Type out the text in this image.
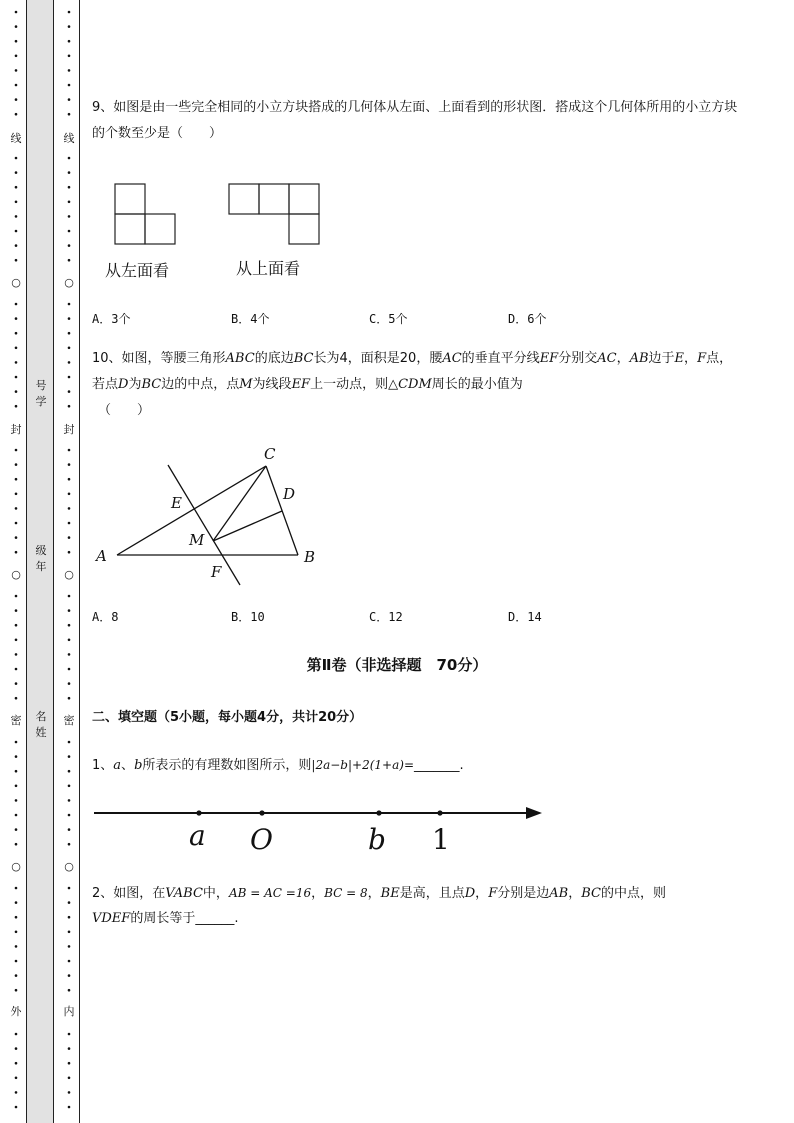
线
○
封
○
密
○
外
线
○
封
○
密
○
内
号学
级年
名姓
9、如图是由一些完全相同的小立方块搭成的几何体从左面、上面看到的形状图．搭成这个几何体所用的小立方块的个数至少是（　　）
从左面看	从上面看
A．3个	B．4个	C．5个	D．6个
10、如图，等腰三角形ABC的底边BC长为4，面积是20，腰AC的垂直平分线EF分别交AC，AB边于E，F点，若点D为BC边的中点，点M为线段EF上一动点，则△CDM周长的最小值为
（　　）
A	B
C
D
E
F
M
A．8	B．10	C．12	D．14
第Ⅱ卷（非选择题　70分）
二、填空题（5小题，每小题4分，共计20分）
1、a、b所表示的有理数如图所示，则|2a−b|+2(1+a)=_______.
a O	b 1
2、如图，在VABC中，AB = AC =16，BC = 8，BE是高，且点D，F分别是边AB，BC的中点，则
VDEF的周长等于______.
